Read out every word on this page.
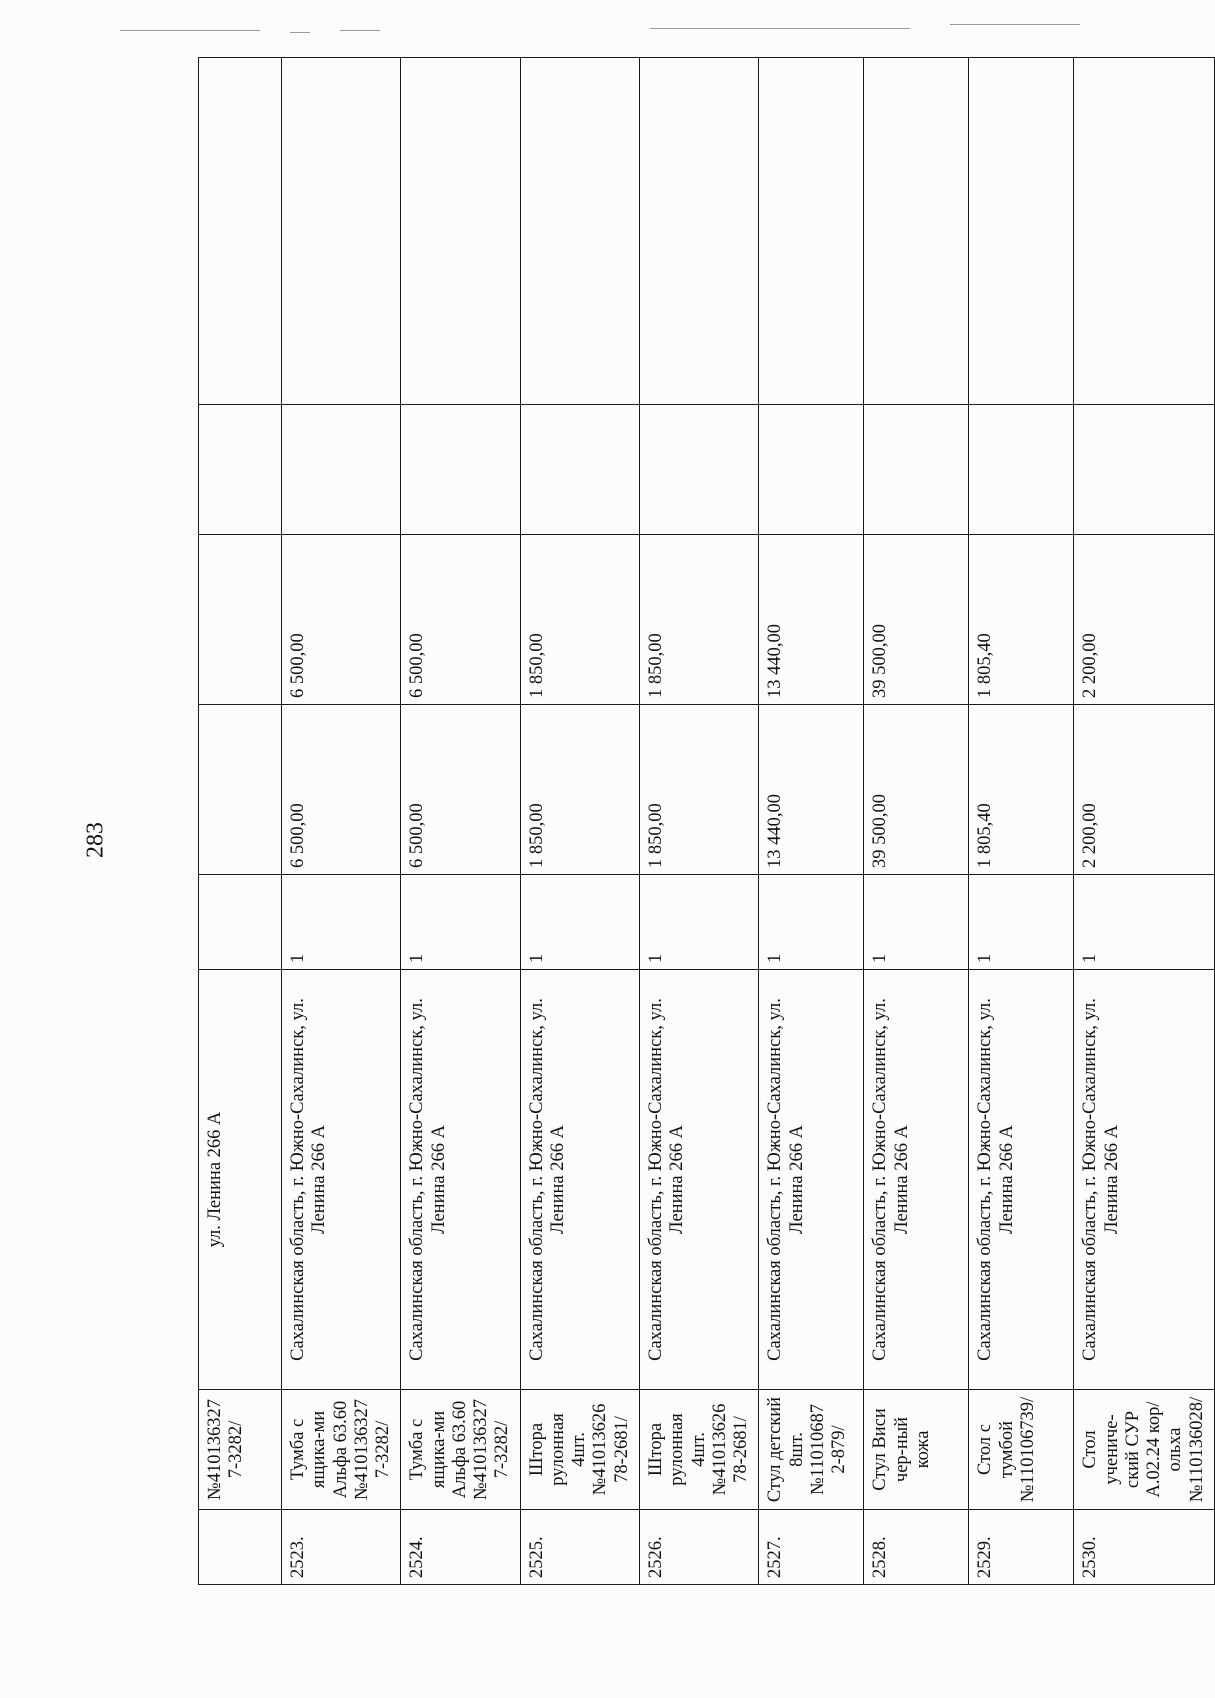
283
	№4101363277-3282/	ул. Ленина 266 А					
2523.	Тумба с ящика-ми Альфа 63.60 №4101363277-3282/	Сахалинская область, г. Южно-Сахалинск, ул. Ленина 266 А	1	6 500,00	6 500,00		
2524.	Тумба с ящика-ми Альфа 63.60 №4101363277-3282/	Сахалинская область, г. Южно-Сахалинск, ул. Ленина 266 А	1	6 500,00	6 500,00		
2525.	Штора рулонная 4шт.№41013626 78-2681/	Сахалинская область, г. Южно-Сахалинск, ул. Ленина 266 А	1	1 850,00	1 850,00		
2526.	Штора рулонная 4шт.№41013626 78-2681/	Сахалинская область, г. Южно-Сахалинск, ул. Ленина 266 А	1	1 850,00	1 850,00		
2527.	Стул детский 8шт.№11010687 2-879/	Сахалинская область, г. Южно-Сахалинск, ул. Ленина 266 А	1	13 440,00	13 440,00		
2528.	Стул Виси чер-ный кожа	Сахалинская область, г. Южно-Сахалинск, ул. Ленина 266 А	1	39 500,00	39 500,00		
2529.	Стол с тумбой №110106739/	Сахалинская область, г. Южно-Сахалинск, ул. Ленина 266 А	1	1 805,40	1 805,40		
2530.	Стол учениче-ский СУР А.02.24 кор/ольха №110136028/	Сахалинская область, г. Южно-Сахалинск, ул. Ленина 266 А	1	2 200,00	2 200,00		
